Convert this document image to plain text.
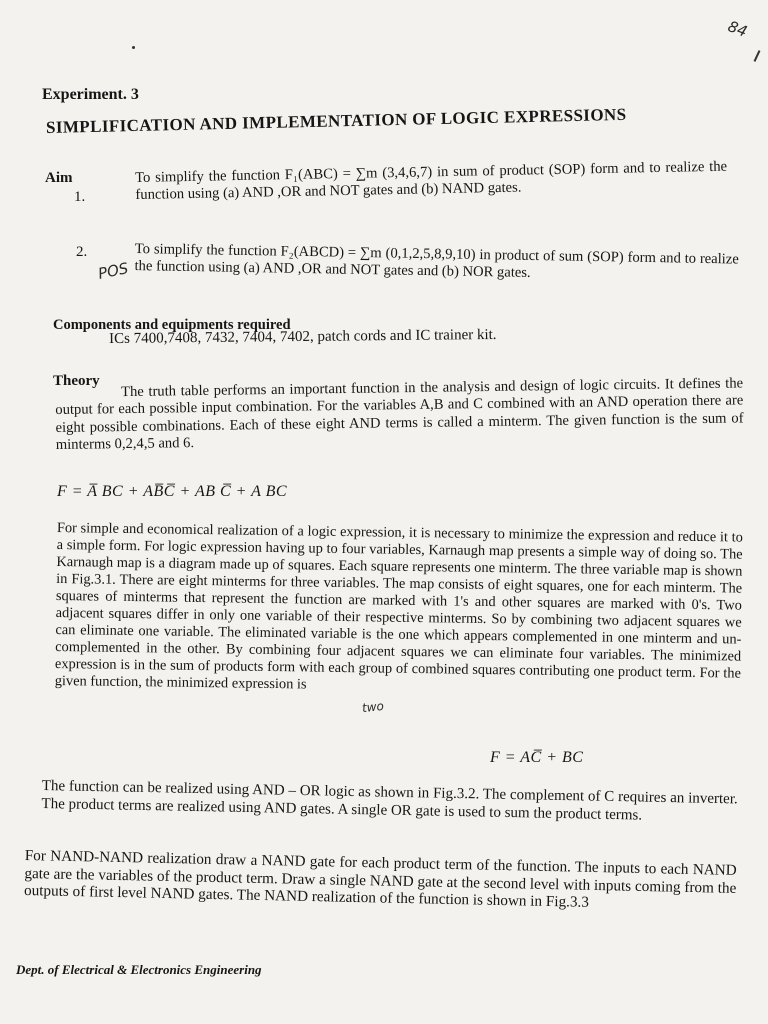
84
Experiment. 3
SIMPLIFICATION AND IMPLEMENTATION OF LOGIC EXPRESSIONS
Aim
1.
To simplify the function F₁(ABC) = ∑m (3,4,6,7) in sum of product (SOP) form and to realize the function using (a) AND ,OR and NOT gates and (b) NAND gates.
2.	To simplify the function F₂(ABCD) = ∑m (0,1,2,5,8,9,10) in product of sum (SOP) form and to realize the function using (a) AND ,OR and NOT gates and (b) NOR gates.
POS
Components and equipments required
ICs 7400,7408, 7432, 7404, 7402, patch cords and IC trainer kit.
Theory	The truth table performs an important function in the analysis and design of logic circuits. It defines the output for each possible input combination. For the variables A,B and C combined with an AND operation there are eight possible combinations. Each of these eight AND terms is called a minterm. The given function is the sum of minterms 0,2,4,5 and 6.
F = A̅ BC + AB̅C̅ + AB C̅ + A BC
For simple and economical realization of a logic expression, it is necessary to minimize the expression and reduce it to a simple form. For logic expression having up to four variables, Karnaugh map presents a simple way of doing so. The Karnaugh map is a diagram made up of squares. Each square represents one minterm. The three variable map is shown in Fig.3.1. There are eight minterms for three variables. The map consists of eight squares, one for each minterm. The squares of minterms that represent the function are marked with 1's and other squares are marked with 0's. Two adjacent squares differ in only one variable of their respective minterms. So by combining two adjacent squares we can eliminate one variable. The eliminated variable is the one which appears complemented in one minterm and un-complemented in the other. By combining four adjacent squares we can eliminate four variables. The minimized expression is in the sum of products form with each group of combined squares contributing one product term. For the given function, the minimized expression is
F = AC̅ + BC
two
The function can be realized using AND – OR logic as shown in Fig.3.2. The complement of C requires an inverter. The product terms are realized using AND gates. A single OR gate is used to sum the product terms.
For NAND-NAND realization draw a NAND gate for each product term of the function. The inputs to each NAND gate are the variables of the product term. Draw a single NAND gate at the second level with inputs coming from the outputs of first level NAND gates. The NAND realization of the function is shown in Fig.3.3
Dept. of Electrical & Electronics Engineering
